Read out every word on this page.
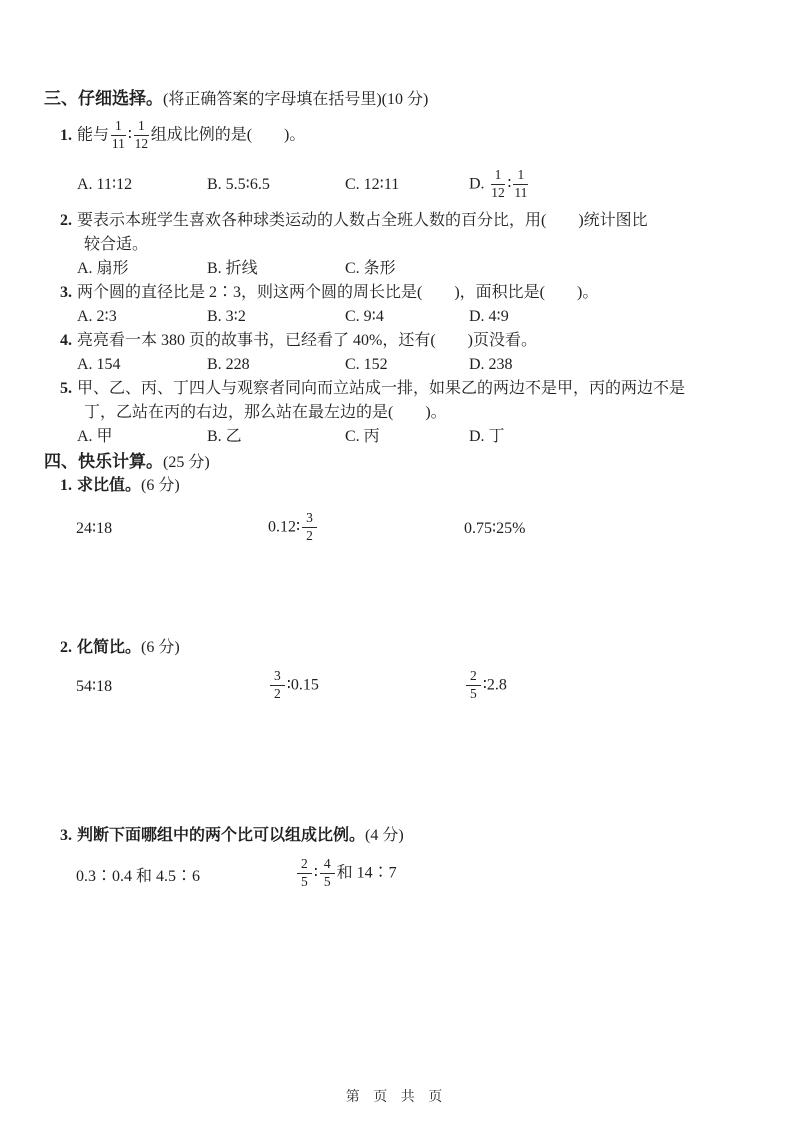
三、仔细选择。(将正确答案的字母填在括号里)(10 分)
1. 能与 $\frac{1}{11}$ ∶ $\frac{1}{12}$ 组成比例的是(　　)。
A. 11∶12	B. 5.5∶6.5	C. 12∶11	D. $\frac{1}{12}$ ∶ $\frac{1}{11}$
2. 要表示本班学生喜欢各种球类运动的人数占全班人数的百分比，用(　　)统计图比
较合适。
A. 扇形	B. 折线	C. 条形
3. 两个圆的直径比是 2∶3，则这两个圆的周长比是(　　)，面积比是(　　)。
A. 2∶3	B. 3∶2	C. 9∶4	D. 4∶9
4. 亮亮看一本 380 页的故事书，已经看了 40%，还有(　　)页没看。
A. 154	B. 228	C. 152	D. 238
5. 甲、乙、丙、丁四人与观察者同向而立站成一排，如果乙的两边不是甲，丙的两边不是
丁，乙站在丙的右边，那么站在最左边的是(　　)。
A. 甲	B. 乙	C. 丙	D. 丁
四、快乐计算。(25 分)
1. 求比值。(6 分)
24∶18	0.12∶ $\frac{3}{2}$	0.75∶25%
2. 化简比。(6 分)
54∶18	$\frac{3}{2}$ ∶0.15	$\frac{2}{5}$ ∶2.8
3. 判断下面哪组中的两个比可以组成比例。(4 分)
0.3∶0.4 和 4.5∶6	$\frac{2}{5}$ ∶ $\frac{4}{5}$ 和 14∶7
第 页 共 页
